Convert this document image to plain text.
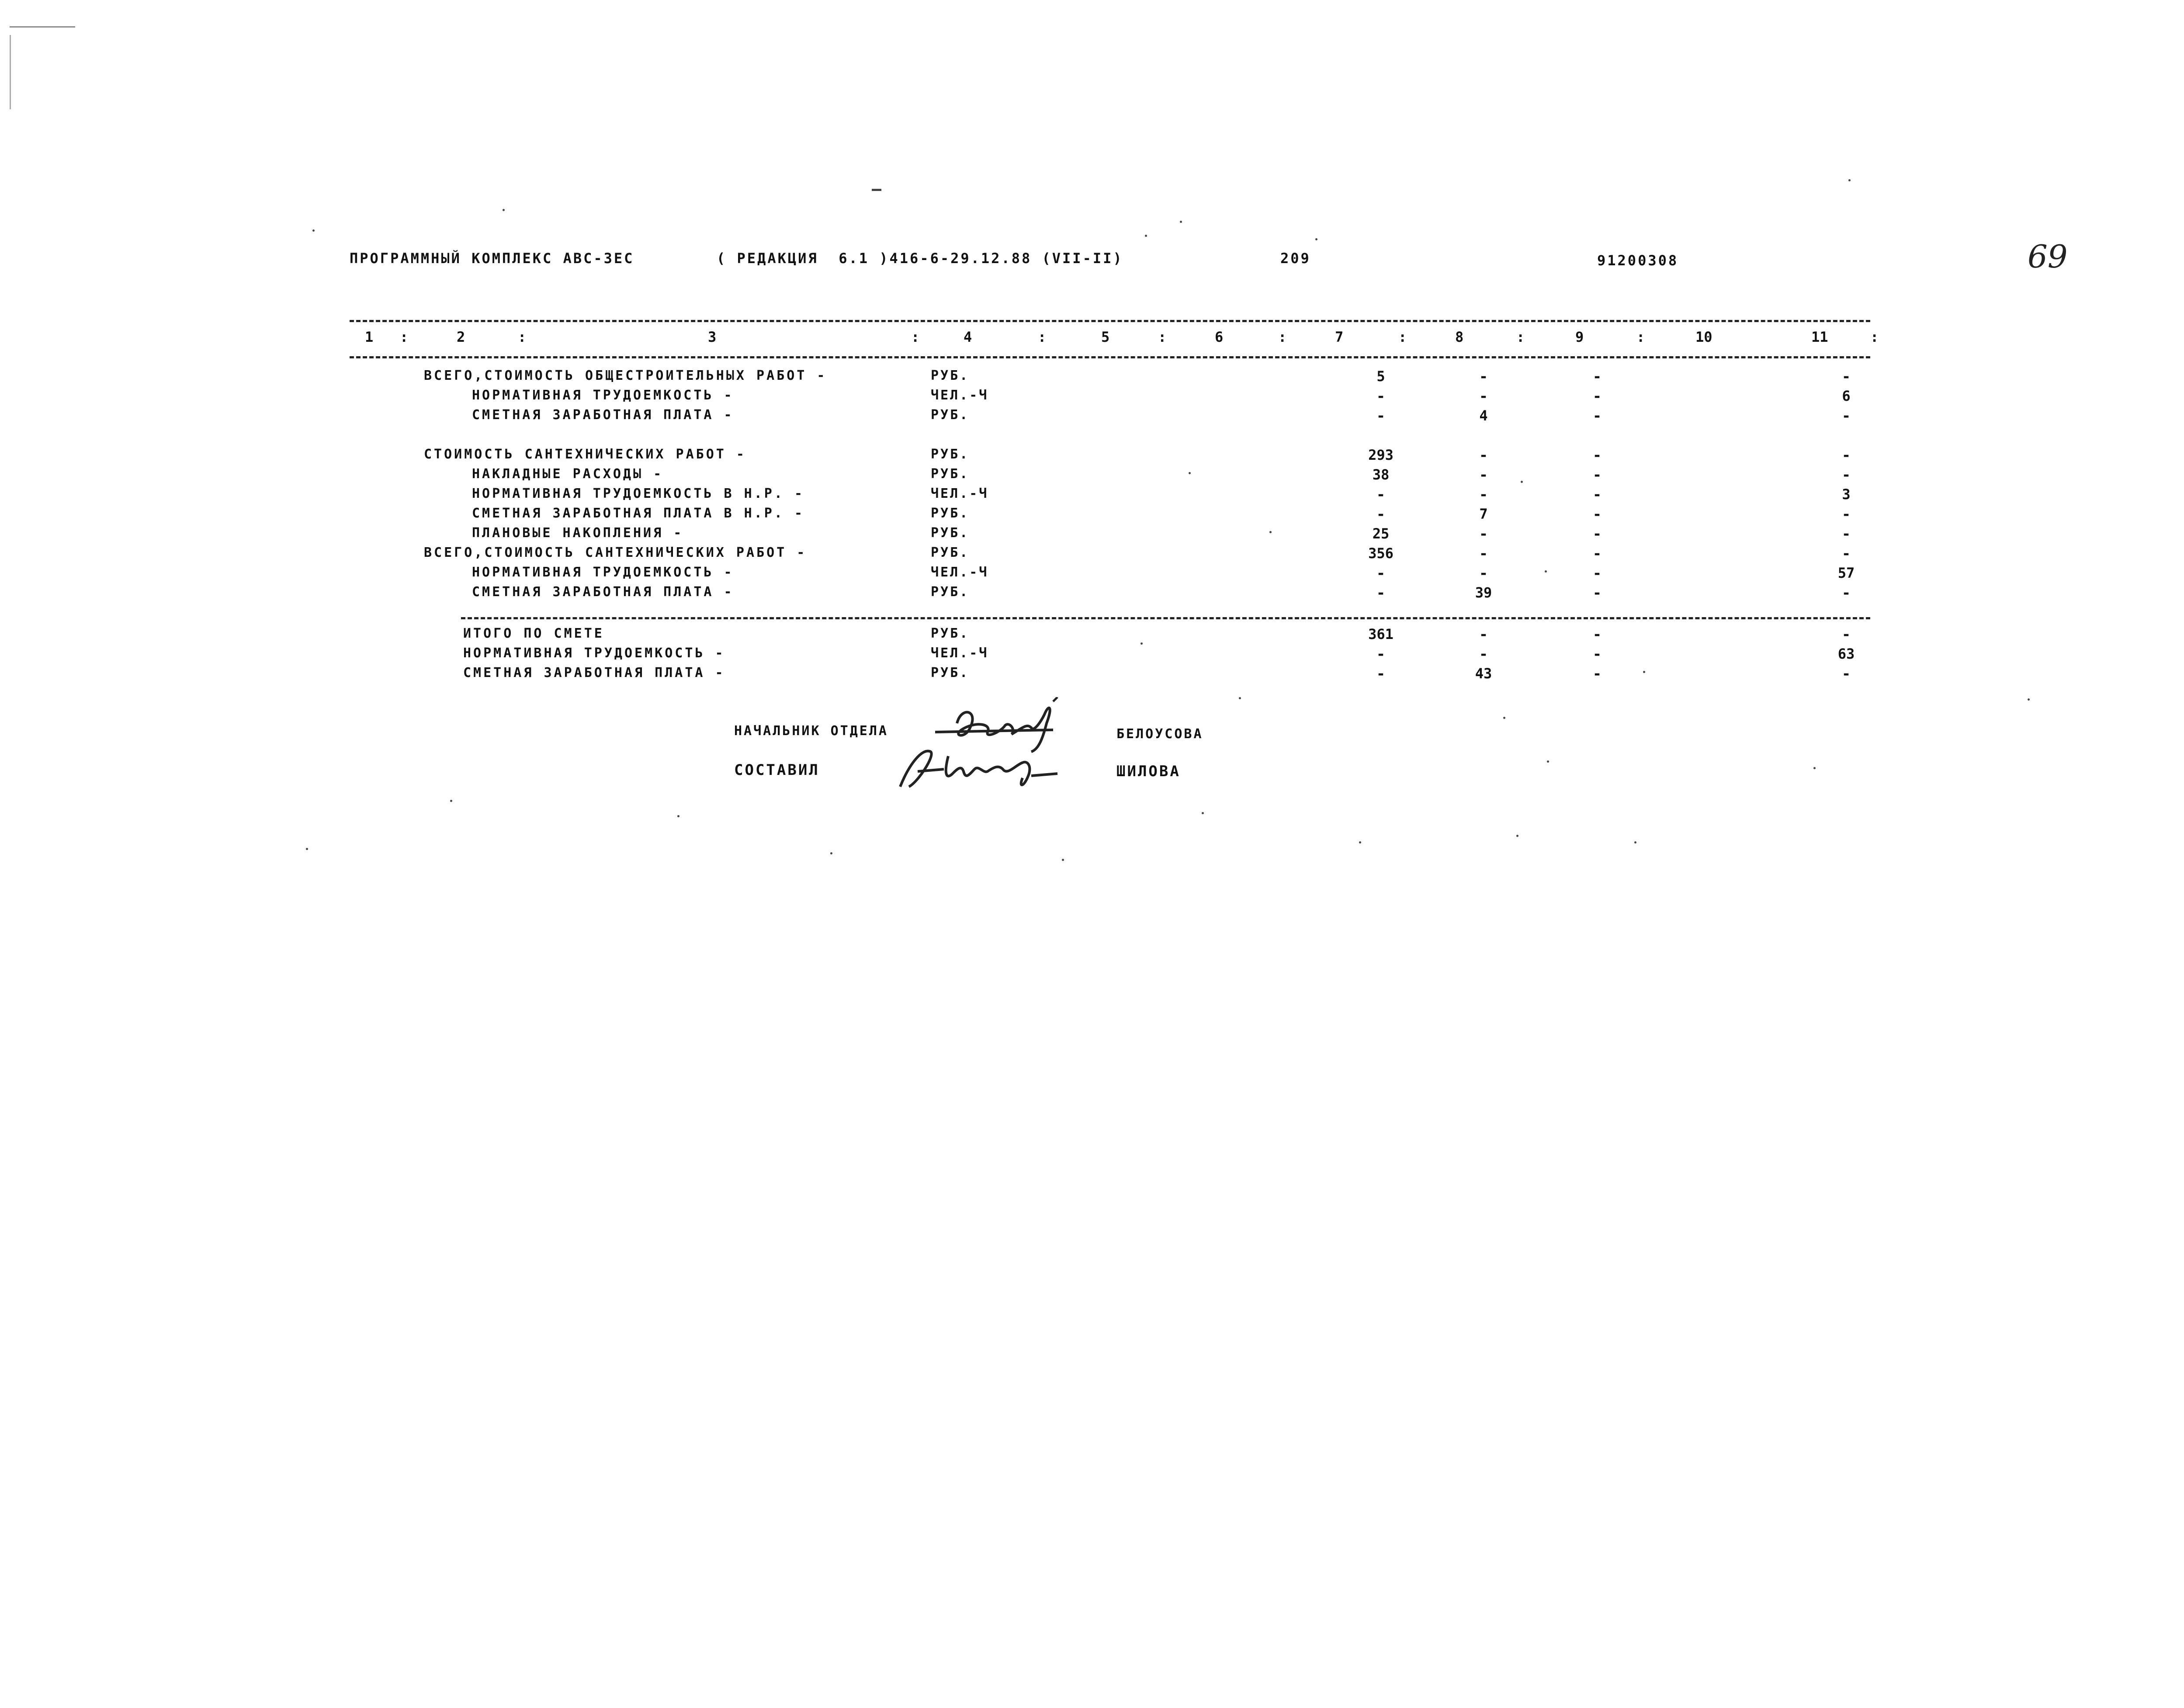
ПРОГРАММНЫЙ КОМПЛЕКС АВС-3ЕС	( РЕДАКЦИЯ  6.1 )416-6-29.12.88 (VII-II)	209	91200308	69
1	2	3	4	5	6	7	8	9	10	11
:	:	:	:	:	:	:	:	:	:
ВСЕГО,СТОИМОСТЬ ОБЩЕСТРОИТЕЛЬНЫХ РАБОТ -	РУБ.	5	-	-	-
НОРМАТИВНАЯ ТРУДОЕМКОСТЬ -	ЧЕЛ.-Ч	-	-	-	6
СМЕТНАЯ ЗАРАБОТНАЯ ПЛАТА -	РУБ.	-	4	-	-
СТОИМОСТЬ САНТЕХНИЧЕСКИХ РАБОТ -	РУБ.	293	-	-	-
НАКЛАДНЫЕ РАСХОДЫ -	РУБ.	38	-	-	-
НОРМАТИВНАЯ ТРУДОЕМКОСТЬ В Н.Р. -	ЧЕЛ.-Ч	-	-	-	3
СМЕТНАЯ ЗАРАБОТНАЯ ПЛАТА В Н.Р. -	РУБ.	-	7	-	-
ПЛАНОВЫЕ НАКОПЛЕНИЯ -	РУБ.	25	-	-	-
ВСЕГО,СТОИМОСТЬ САНТЕХНИЧЕСКИХ РАБОТ -	РУБ.	356	-	-	-
НОРМАТИВНАЯ ТРУДОЕМКОСТЬ -	ЧЕЛ.-Ч	-	-	-	57
СМЕТНАЯ ЗАРАБОТНАЯ ПЛАТА -	РУБ.	-	39	-	-
ИТОГО ПО СМЕТЕ	РУБ.	361	-	-	-
НОРМАТИВНАЯ ТРУДОЕМКОСТЬ -	ЧЕЛ.-Ч	-	-	-	63
СМЕТНАЯ ЗАРАБОТНАЯ ПЛАТА -	РУБ.	-	43	-	-
НАЧАЛЬНИК ОТДЕЛА	БЕЛОУСОВА
СОСТАВИЛ	ШИЛОВА
